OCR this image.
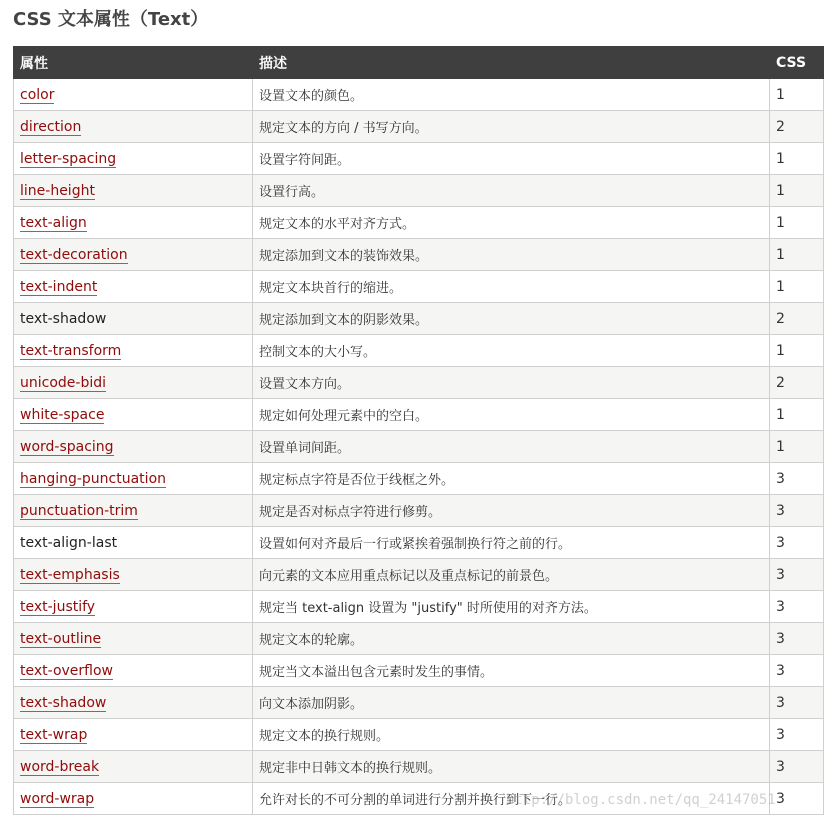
CSS 文本属性（Text）
属性	描述	CSS
color	设置文本的颜色。	1
direction	规定文本的方向 / 书写方向。	2
letter-spacing	设置字符间距。	1
line-height	设置行高。	1
text-align	规定文本的水平对齐方式。	1
text-decoration	规定添加到文本的装饰效果。	1
text-indent	规定文本块首行的缩进。	1
text-shadow	规定添加到文本的阴影效果。	2
text-transform	控制文本的大小写。	1
unicode-bidi	设置文本方向。	2
white-space	规定如何处理元素中的空白。	1
word-spacing	设置单词间距。	1
hanging-punctuation	规定标点字符是否位于线框之外。	3
punctuation-trim	规定是否对标点字符进行修剪。	3
text-align-last	设置如何对齐最后一行或紧挨着强制换行符之前的行。	3
text-emphasis	向元素的文本应用重点标记以及重点标记的前景色。	3
text-justify	规定当 text-align 设置为 "justify" 时所使用的对齐方法。	3
text-outline	规定文本的轮廓。	3
text-overflow	规定当文本溢出包含元素时发生的事情。	3
text-shadow	向文本添加阴影。	3
text-wrap	规定文本的换行规则。	3
word-break	规定非中日韩文本的换行规则。	3
word-wrap	允许对长的不可分割的单词进行分割并换行到下一行。	3
http://blog.csdn.net/qq_24147051
